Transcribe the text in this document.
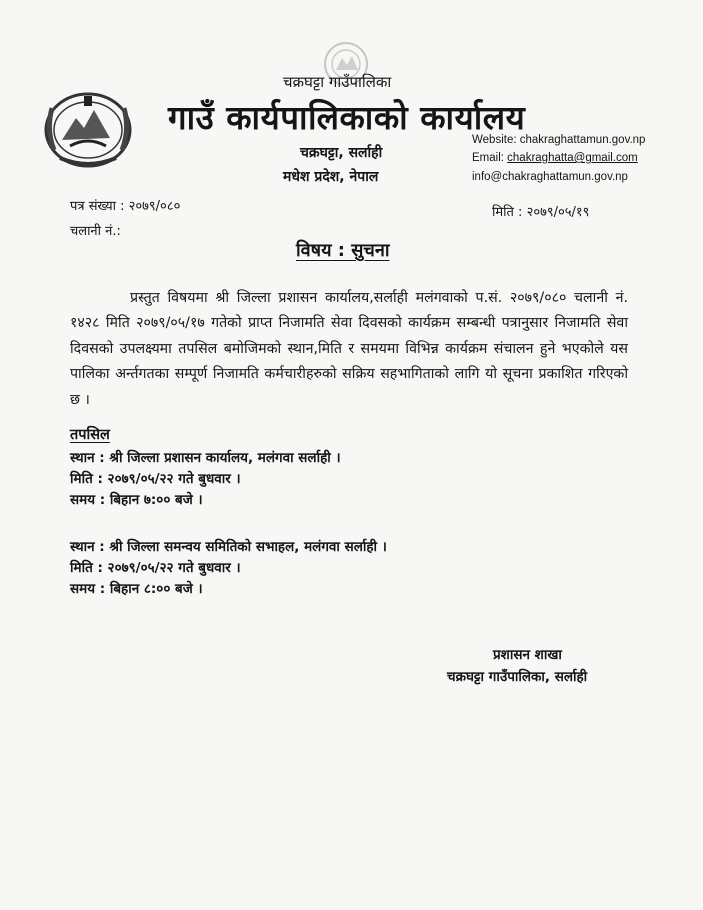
चक्रघट्टा गाउँपालिका
गाउँ कार्यपालिकाको कार्यालय
चक्रघट्टा, सर्लाही
मधेश प्रदेश, नेपाल
Website: chakraghattamun.gov.np
Email: chakraghatta@gmail.com
info@chakraghattamun.gov.np
पत्र संख्या : २०७९/०८०
चलानी नं.:
मिति : २०७९/०५/१९
विषय : सुचना
प्रस्तुत विषयमा श्री जिल्ला प्रशासन कार्यालय,सर्लाही मलंगवाको प.सं. २०७९/०८० चलानी नं. १४२८ मिति २०७९/०५/१७ गतेको प्राप्त निजामति सेवा दिवसको कार्यक्रम सम्बन्धी पत्रानुसार निजामति सेवा दिवसको उपलक्ष्यमा तपसिल बमोजिमको स्थान,मिति र समयमा विभिन्न कार्यक्रम संचालन हुने भएकोले यस पालिका अर्न्तगतका सम्पूर्ण निजामति कर्मचारीहरुको सक्रिय सहभागिताको लागि यो सूचना प्रकाशित गरिएको छ ।
तपसिल
स्थान : श्री जिल्ला प्रशासन कार्यालय, मलंगवा सर्लाही ।
मिति : २०७९/०५/२२ गते बुधवार ।
समय : बिहान ७:०० बजे ।
स्थान : श्री जिल्ला समन्वय समितिको सभाहल, मलंगवा सर्लाही ।
मिति : २०७९/०५/२२ गते बुधवार ।
समय : बिहान ८:०० बजे ।
प्रशासन शाखा
चक्रघट्टा गाउँपालिका, सर्लाही
